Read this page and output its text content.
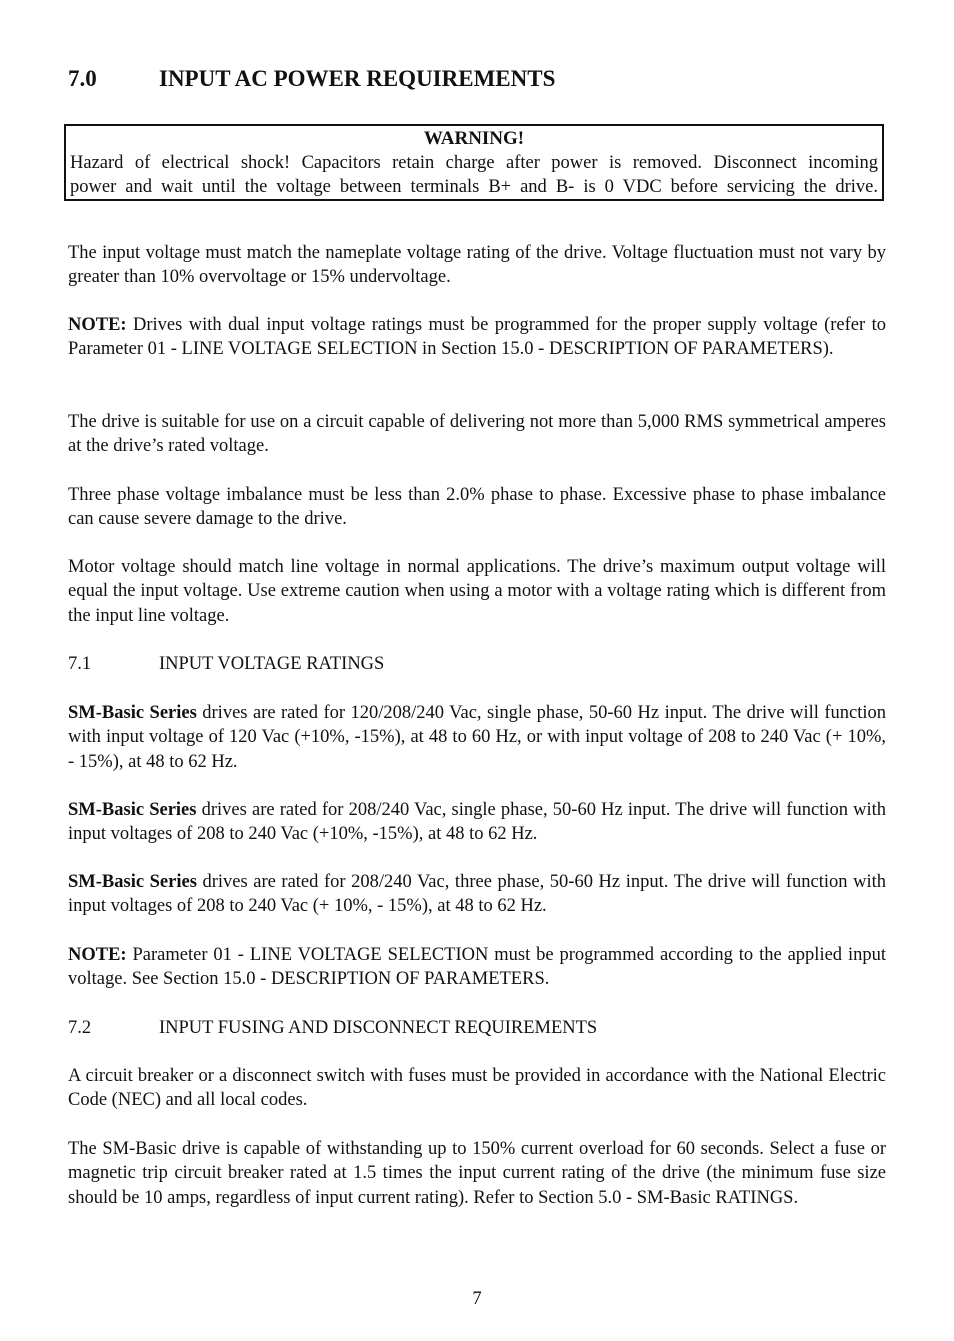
7.0	INPUT AC POWER REQUIREMENTS
WARNING!
Hazard of electrical shock! Capacitors retain charge after power is removed. Disconnect incoming
power and wait until the voltage between terminals B+ and B- is 0 VDC before servicing the drive.
The input voltage must match the nameplate voltage rating of the drive. Voltage fluctuation must not vary by greater than 10% overvoltage or 15% undervoltage.
NOTE: Drives with dual input voltage ratings must be programmed for the proper supply voltage (refer to Parameter 01 - LINE VOLTAGE SELECTION in Section 15.0 - DESCRIPTION OF PARAMETERS).
The drive is suitable for use on a circuit capable of delivering not more than 5,000 RMS symmetrical amperes at the drive’s rated voltage.
Three phase voltage imbalance must be less than 2.0% phase to phase. Excessive phase to phase imbalance can cause severe damage to the drive.
Motor voltage should match line voltage in normal applications. The drive’s maximum output voltage will equal the input voltage. Use extreme caution when using a motor with a voltage rating which is different from the input line voltage.
7.1	INPUT VOLTAGE RATINGS
SM-Basic Series drives are rated for 120/208/240 Vac, single phase, 50-60 Hz input. The drive will function with input voltage of 120 Vac (+10%, -15%), at 48 to 60 Hz, or with input voltage of 208 to 240 Vac (+ 10%, - 15%), at 48 to 62 Hz.
SM-Basic Series drives are rated for 208/240 Vac, single phase, 50-60 Hz input. The drive will function with input voltages of 208 to 240 Vac (+10%, -15%), at 48 to 62 Hz.
SM-Basic Series drives are rated for 208/240 Vac, three phase, 50-60 Hz input. The drive will function with input voltages of 208 to 240 Vac (+ 10%, - 15%), at 48 to 62 Hz.
NOTE: Parameter 01 - LINE VOLTAGE SELECTION must be programmed according to the applied input voltage. See Section 15.0 - DESCRIPTION OF PARAMETERS.
7.2	INPUT FUSING AND DISCONNECT REQUIREMENTS
A circuit breaker or a disconnect switch with fuses must be provided in accordance with the National Electric Code (NEC) and all local codes.
The SM-Basic drive is capable of withstanding up to 150% current overload for 60 seconds. Select a fuse or magnetic trip circuit breaker rated at 1.5 times the input current rating of the drive (the minimum fuse size should be 10 amps, regardless of input current rating). Refer to Section 5.0 - SM-Basic RATINGS.
7
